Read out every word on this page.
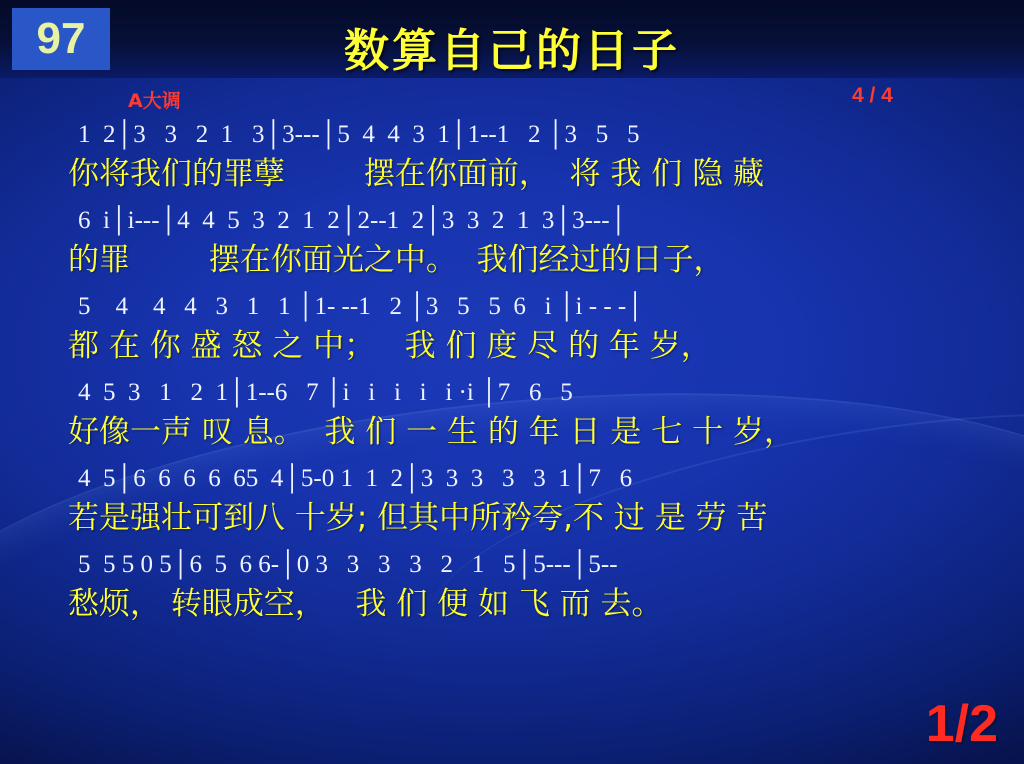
97	数算自己的日子
A大调	4 / 4
1  2│3   3   2  1   3│3---│5  4  4  3  1│1--1   2 │3   5   5
你将我们的罪孽        摆在你面前，  将 我 们 隐 藏
6  i│i---│4  4  5  3  2  1  2│2--1  2│3  3  2  1  3│3---│
的罪        摆在你面光之中。  我们经过的日子，
5    4    4   4   3   1   1 │1- --1   2 │3   5   5  6   i │i - - -│
都 在 你 盛 怒 之 中；   我 们 度 尽 的 年 岁，
4  5  3   1   2  1│1--6   7 │i   i   i   i   i ·i │7   6   5
好像一声 叹 息。  我 们 一 生 的 年 日 是 七 十 岁，
4  5│6  6  6  6  65  4│5-0 1  1  2│3  3  3   3   3  1│7   6
若是强壮可到八 十岁; 但其中所矜夸,不 过 是 劳 苦
5  5 5 0 5│6  5  6 6-│0 3   3   3   3   2   1   5│5---│5--
愁烦， 转眼成空，   我 们 便 如 飞 而 去。
1/2
